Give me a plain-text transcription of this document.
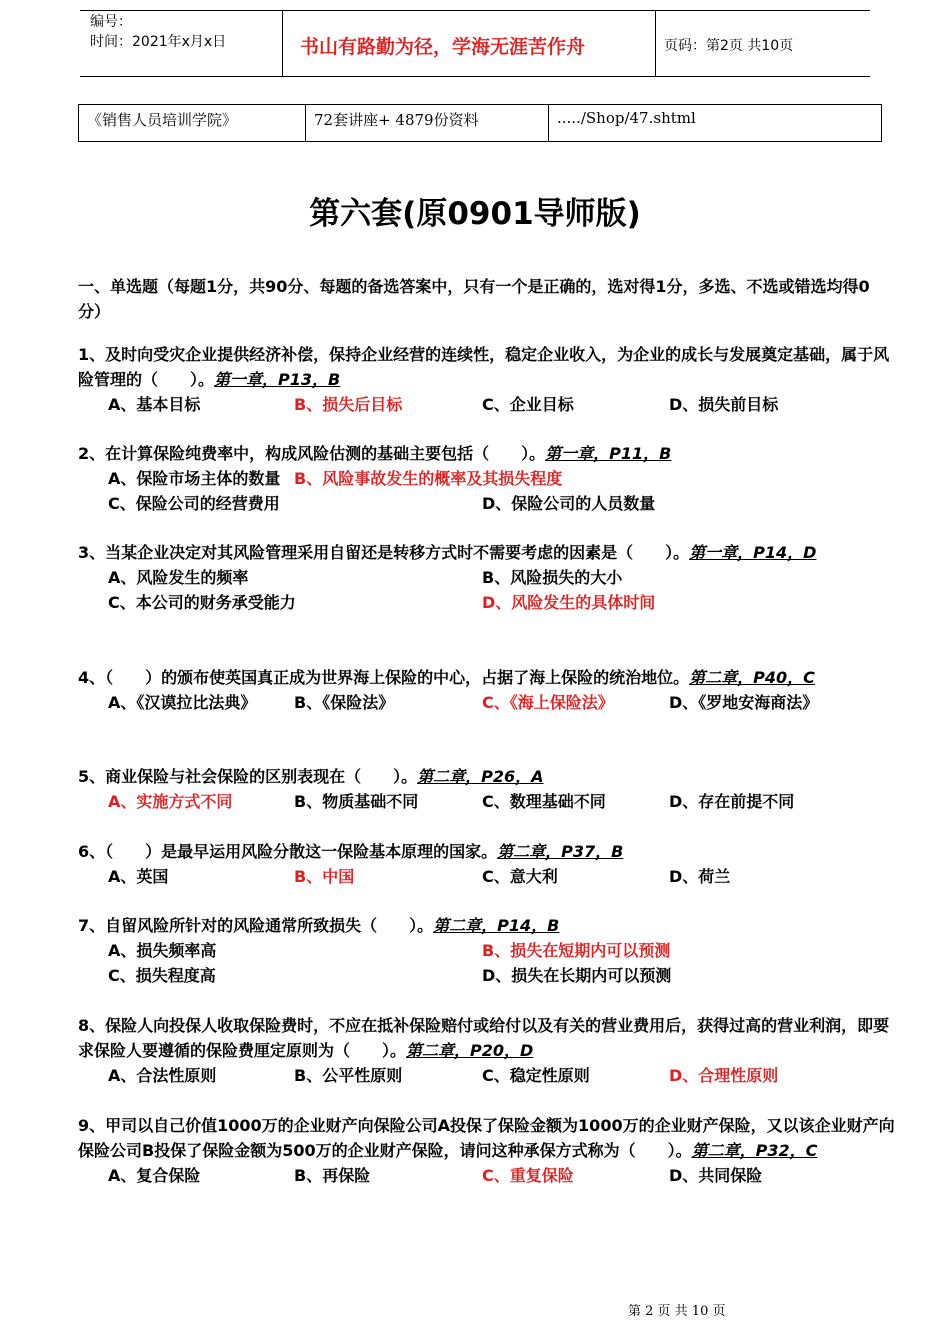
编号：
时间：2021年x月x日	书山有路勤为径，学海无涯苦作舟	页码：第2页 共10页
《销售人员培训学院》	72套讲座+ 4879份资料	...../Shop/47.shtml
第六套(原0901导师版)
一、单选题（每题1分，共90分、每题的备选答案中，只有一个是正确的，选对得1分，多选、不选或错选均得0分）
1、及时向受灾企业提供经济补偿，保持企业经营的连续性，稳定企业收入，为企业的成长与发展奠定基础，属于风险管理的（　　）。第一章，P13，B
A、基本目标	B、损失后目标	C、企业目标	D、损失前目标
2、在计算保险纯费率中，构成风险估测的基础主要包括（　　）。第一章，P11，B
A、保险市场主体的数量 B、风险事故发生的概率及其损失程度
C、保险公司的经营费用	D、保险公司的人员数量
3、当某企业决定对其风险管理采用自留还是转移方式时不需要考虑的因素是（　　）。第一章，P14，D
A、风险发生的频率	B、风险损失的大小
C、本公司的财务承受能力	D、风险发生的具体时间
4、（　　）的颁布使英国真正成为世界海上保险的中心，占据了海上保险的统治地位。第二章，P40，C
A、《汉谟拉比法典》 B、《保险法》	C、《海上保险法》	D、《罗地安海商法》
5、商业保险与社会保险的区别表现在（　　）。第二章，P26，A
A、实施方式不同	B、物质基础不同	C、数理基础不同	D、存在前提不同
6、（　　）是最早运用风险分散这一保险基本原理的国家。第二章，P37，B
A、英国	B、中国	C、意大利	D、荷兰
7、自留风险所针对的风险通常所致损失（　　）。第二章，P14，B
A、损失频率高	B、损失在短期内可以预测
C、损失程度高	D、损失在长期内可以预测
8、保险人向投保人收取保险费时，不应在抵补保险赔付或给付以及有关的营业费用后，获得过高的营业利润，即要求保险人要遵循的保险费厘定原则为（　　）。第二章，P20，D
A、合法性原则	B、公平性原则	C、稳定性原则	D、合理性原则
9、甲司以自己价值1000万的企业财产向保险公司A投保了保险金额为1000万的企业财产保险，又以该企业财产向保险公司B投保了保险金额为500万的企业财产保险，请问这种承保方式称为（　　）。第二章，P32，C
A、复合保险	B、再保险	C、重复保险	D、共同保险
第 2 页 共 10 页
